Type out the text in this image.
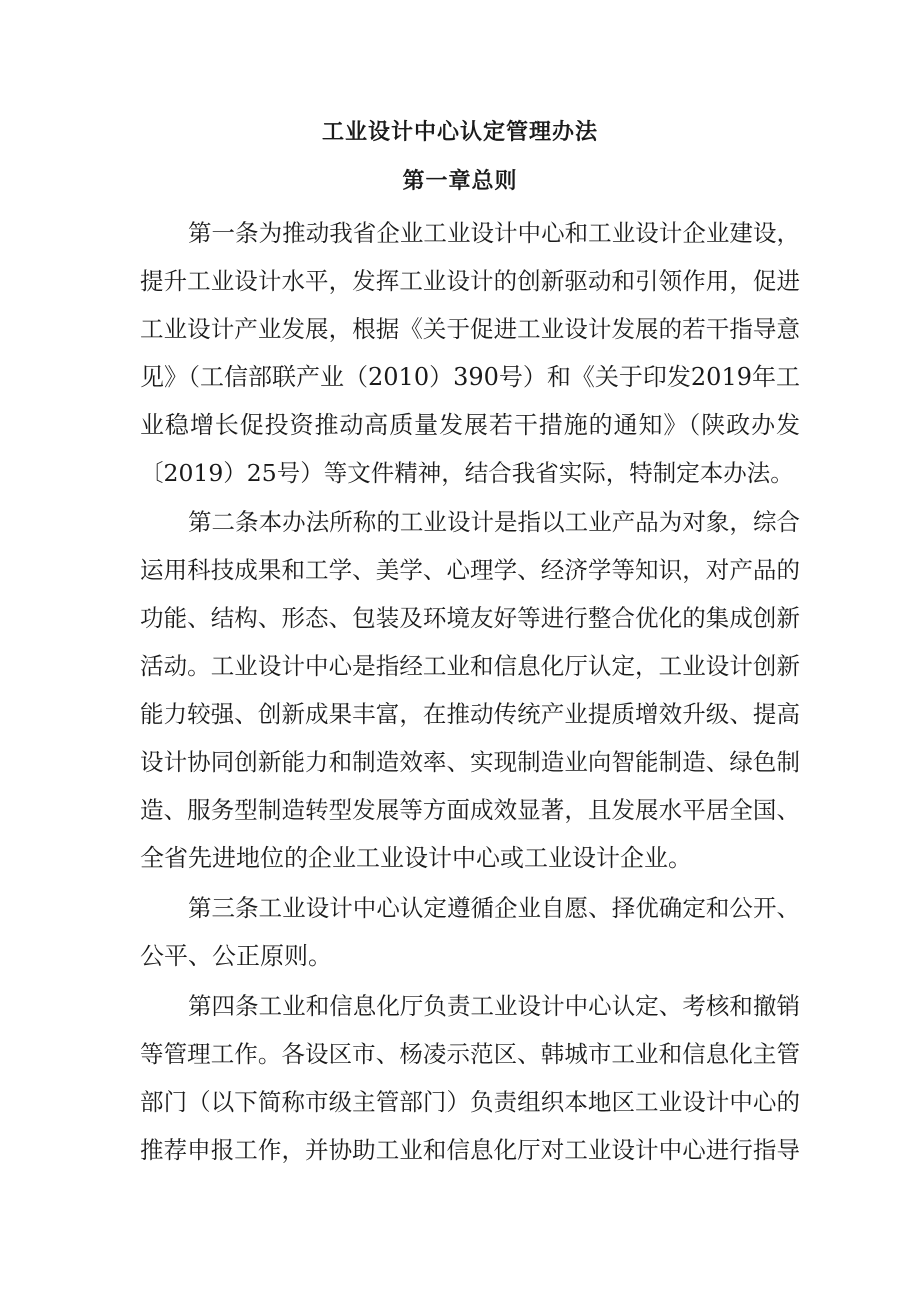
工业设计中心认定管理办法
第一章总则

第一条为推动我省企业工业设计中心和工业设计企业建设，

提升工业设计水平，发挥工业设计的创新驱动和引领作用，促进

工业设计产业发展，根据《关于促进工业设计发展的若干指导意

见》（工信部联产业（2010）390号）和《关于印发2019年工

业稳增长促投资推动高质量发展若干措施的通知》（陕政办发

〔2019）25号）等文件精神，结合我省实际，特制定本办法。

第二条本办法所称的工业设计是指以工业产品为对象，综合

运用科技成果和工学、美学、心理学、经济学等知识，对产品的

功能、结构、形态、包装及环境友好等进行整合优化的集成创新

活动。工业设计中心是指经工业和信息化厅认定，工业设计创新

能力较强、创新成果丰富，在推动传统产业提质增效升级、提高

设计协同创新能力和制造效率、实现制造业向智能制造、绿色制

造、服务型制造转型发展等方面成效显著，且发展水平居全国、

全省先进地位的企业工业设计中心或工业设计企业。

第三条工业设计中心认定遵循企业自愿、择优确定和公开、

公平、公正原则。

第四条工业和信息化厅负责工业设计中心认定、考核和撤销

等管理工作。各设区市、杨凌示范区、韩城市工业和信息化主管

部门（以下简称市级主管部门）负责组织本地区工业设计中心的

推荐申报工作，并协助工业和信息化厅对工业设计中心进行指导
